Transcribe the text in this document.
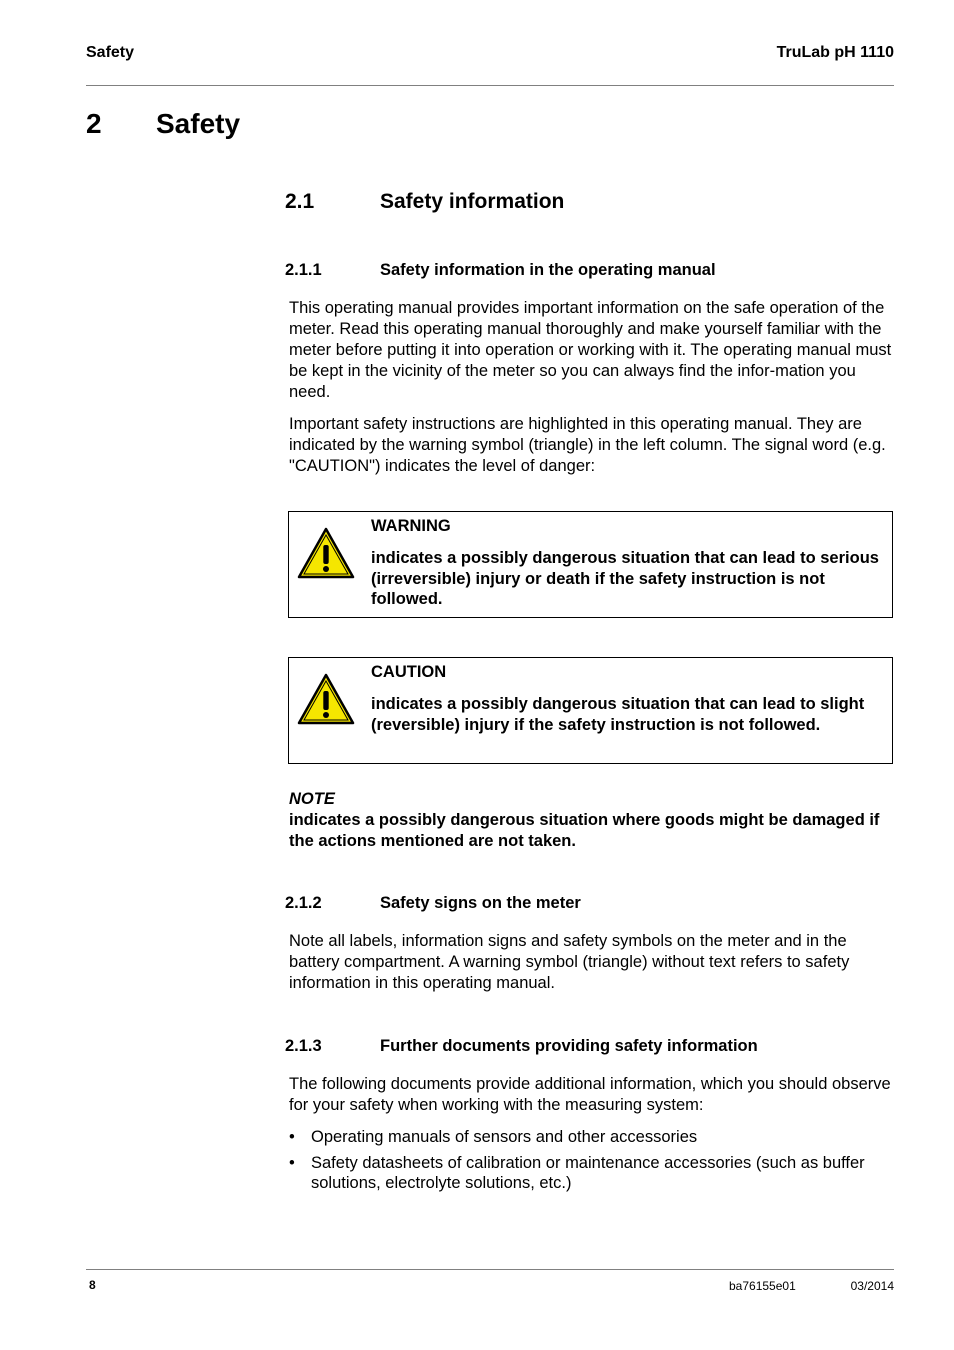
Safety	TruLab pH 1110
2 Safety
2.1	Safety information
2.1.1	Safety information in the operating manual

This operating manual provides important information on the safe operation of the meter. Read this operating manual thoroughly and make yourself familiar with the meter before putting it into operation or working with it. The operating manual must be kept in the vicinity of the meter so you can always find the infor-mation you need.

Important safety instructions are highlighted in this operating manual. They are indicated by the warning symbol (triangle) in the left column. The signal word (e.g. "CAUTION") indicates the level of danger:

WARNING
indicates a possibly dangerous situation that can lead to serious (irreversible) injury or death if the safety instruction is not followed.
CAUTION
indicates a possibly dangerous situation that can lead to slight (reversible) injury if the safety instruction is not followed.
NOTE
indicates a possibly dangerous situation where goods might be damaged if the actions mentioned are not taken.
2.1.2	Safety signs on the meter

Note all labels, information signs and safety symbols on the meter and in the battery compartment. A warning symbol (triangle) without text refers to safety information in this operating manual.

2.1.3	Further documents providing safety information

The following documents provide additional information, which you should observe for your safety when working with the measuring system:

• Operating manuals of sensors and other accessories
• Safety datasheets of calibration or maintenance accessories (such as buffer solutions, electrolyte solutions, etc.)
8	ba76155e01	03/2014
